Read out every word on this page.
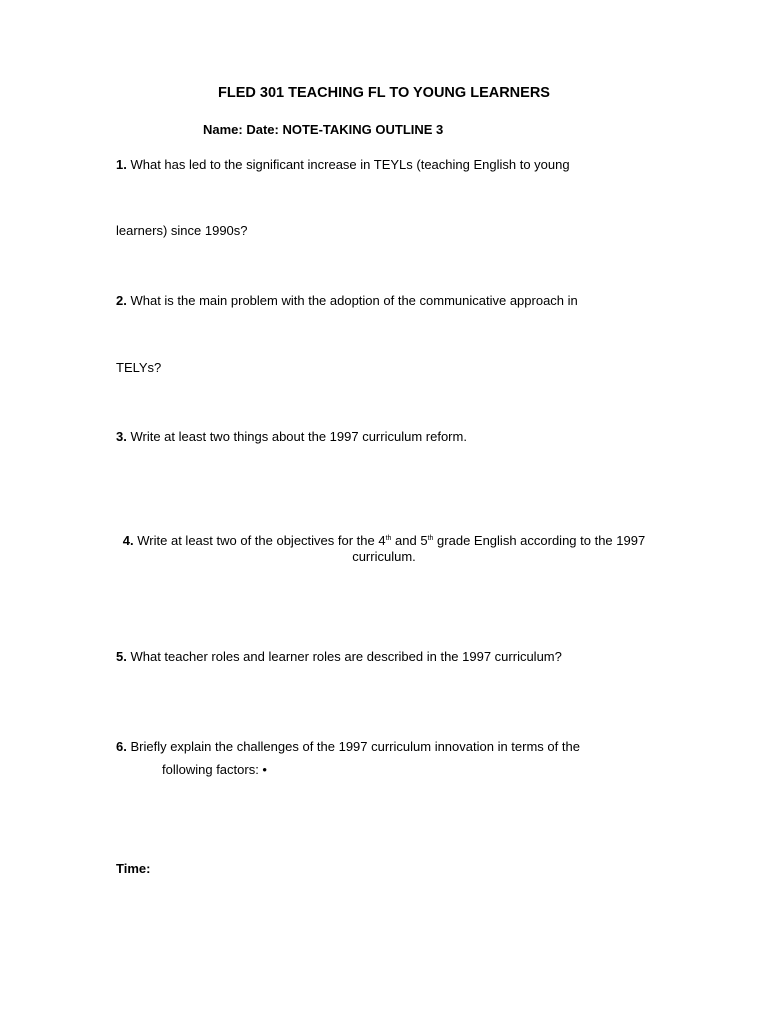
FLED 301 TEACHING FL TO YOUNG LEARNERS
Name: Date: NOTE-TAKING OUTLINE 3
1. What has led to the significant increase in TEYLs (teaching English to young
learners) since 1990s?
2. What is the main problem with the adoption of the communicative approach in
TELYs?
3. Write at least two things about the 1997 curriculum reform.
4. Write at least two of the objectives for the 4th and 5th grade English according to the 1997
curriculum.
5. What teacher roles and learner roles are described in the 1997 curriculum?
6. Briefly explain the challenges of the 1997 curriculum innovation in terms of the
following factors: •
Time:
